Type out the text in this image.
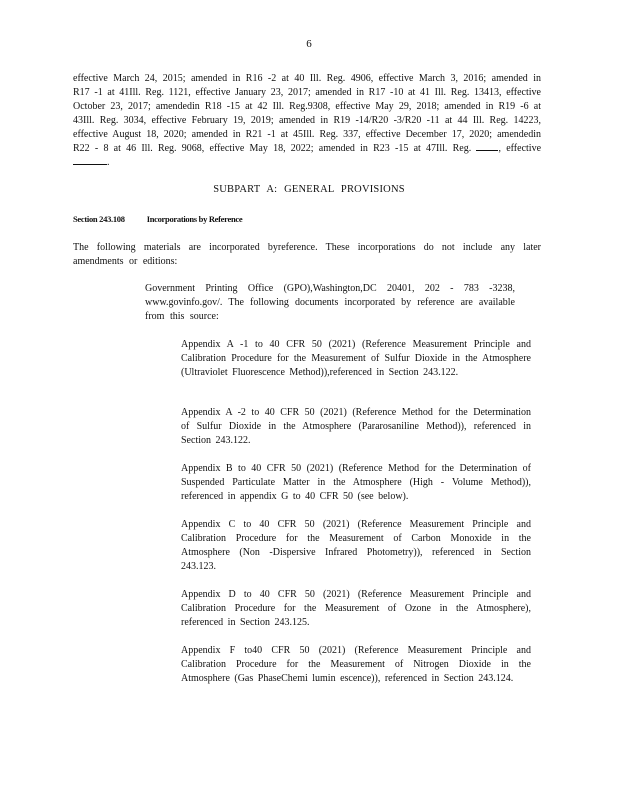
6

effective March 24, 2015; amended in R16 -2 at 40 Ill. Reg. 4906, effective March 3, 2016; amended in R17 -1 at 41Ill. Reg. 1121, effective January 23, 2017; amended in R17 -10 at 41 Ill. Reg. 13413, effective October 23, 2017; amendedin R18 -15 at 42 Ill. Reg.9308, effective May 29, 2018; amended in R19 -6 at 43Ill. Reg. 3034, effective February 19, 2019; amended in R19 -14/R20 -3/R20 -11 at 44 Ill. Reg. 14223, effective August 18, 2020; amended in R21 -1 at 45Ill. Reg. 337, effective December 17, 2020; amendedin R22 - 8 at 46 Ill. Reg. 9068, effective May 18, 2022; amended in R23 -15 at 47Ill. Reg.	, effective .

SUBPART A: GENERAL PROVISIONS
Section 243.108	Incorporations by Reference

The following materials are incorporated byreference. These incorporations do not include any later amendments or editions:

Government Printing Office (GPO),Washington,DC 20401, 202 - 783 -3238, www.govinfo.gov/. The following documents incorporated by reference are available from this source:

Appendix A -1 to 40 CFR 50 (2021) (Reference Measurement Principle and Calibration Procedure for the Measurement of Sulfur Dioxide in the Atmosphere (Ultraviolet Fluorescence Method)),referenced in Section 243.122.

Appendix A -2 to 40 CFR 50 (2021) (Reference Method for the Determination of Sulfur Dioxide in the Atmosphere (Pararosaniline Method)), referenced in Section 243.122.

Appendix B to 40 CFR 50 (2021) (Reference Method for the Determination of Suspended Particulate Matter in the Atmosphere (High - Volume Method)), referenced in appendix G to 40 CFR 50 (see below).

Appendix C to 40 CFR 50 (2021) (Reference Measurement Principle and Calibration Procedure for the Measurement of Carbon Monoxide in the Atmosphere (Non -Dispersive Infrared Photometry)), referenced in Section 243.123.

Appendix D to 40 CFR 50 (2021) (Reference Measurement Principle and Calibration Procedure for the Measurement of Ozone in the Atmosphere), referenced in Section 243.125.

Appendix F to40 CFR 50 (2021) (Reference Measurement Principle and Calibration Procedure for the Measurement of Nitrogen Dioxide in the Atmosphere (Gas PhaseChemi lumin escence)), referenced in Section 243.124.
